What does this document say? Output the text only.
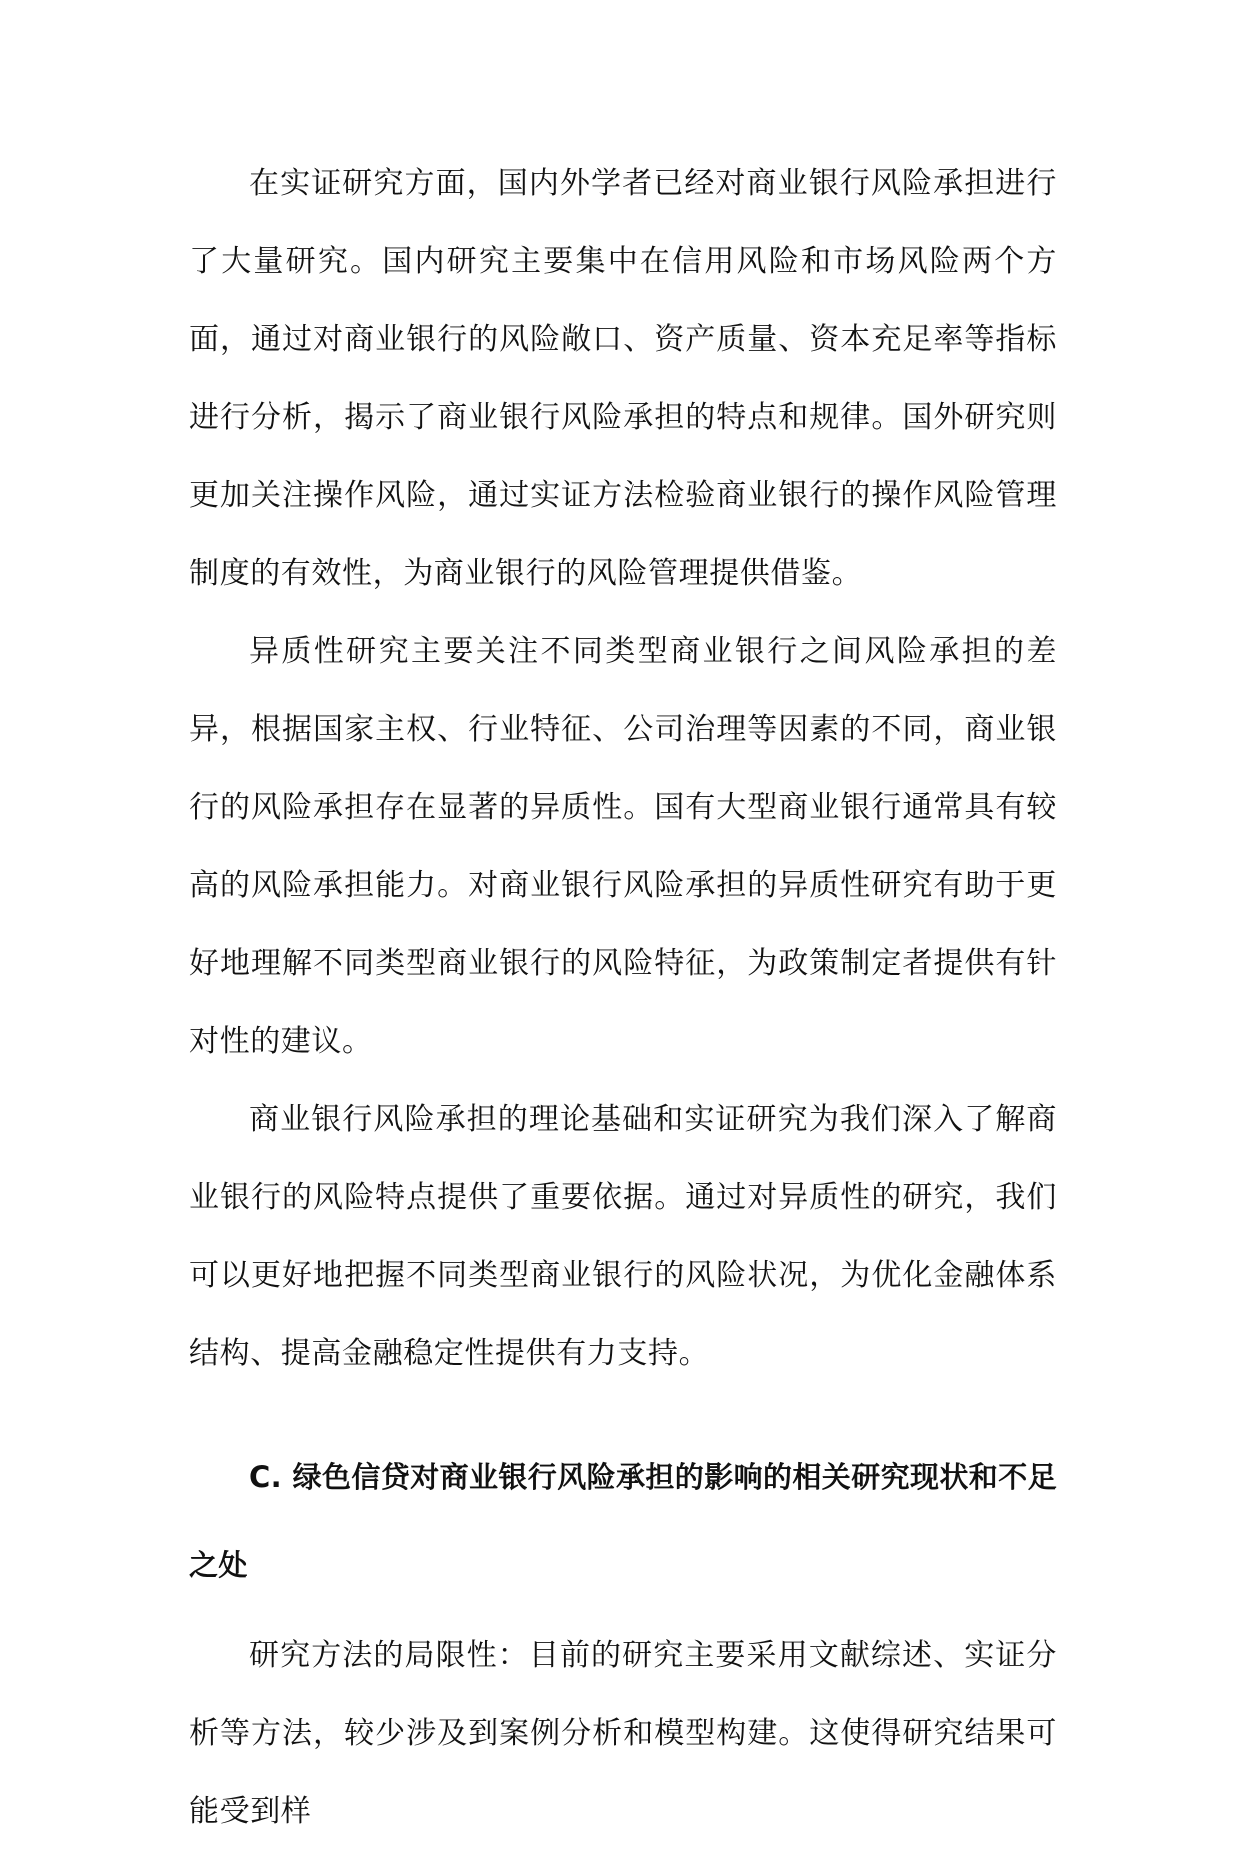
在实证研究方面，国内外学者已经对商业银行风险承担进行了大量研究。国内研究主要集中在信用风险和市场风险两个方面，通过对商业银行的风险敞口、资产质量、资本充足率等指标进行分析，揭示了商业银行风险承担的特点和规律。国外研究则更加关注操作风险，通过实证方法检验商业银行的操作风险管理制度的有效性，为商业银行的风险管理提供借鉴。

异质性研究主要关注不同类型商业银行之间风险承担的差异，根据国家主权、行业特征、公司治理等因素的不同，商业银行的风险承担存在显著的异质性。国有大型商业银行通常具有较高的风险承担能力。对商业银行风险承担的异质性研究有助于更好地理解不同类型商业银行的风险特征，为政策制定者提供有针对性的建议。

商业银行风险承担的理论基础和实证研究为我们深入了解商业银行的风险特点提供了重要依据。通过对异质性的研究，我们可以更好地把握不同类型商业银行的风险状况，为优化金融体系结构、提高金融稳定性提供有力支持。

C. 绿色信贷对商业银行风险承担的影响的相关研究现状和不足之处

研究方法的局限性：目前的研究主要采用文献综述、实证分析等方法，较少涉及到案例分析和模型构建。这使得研究结果可能受到样
